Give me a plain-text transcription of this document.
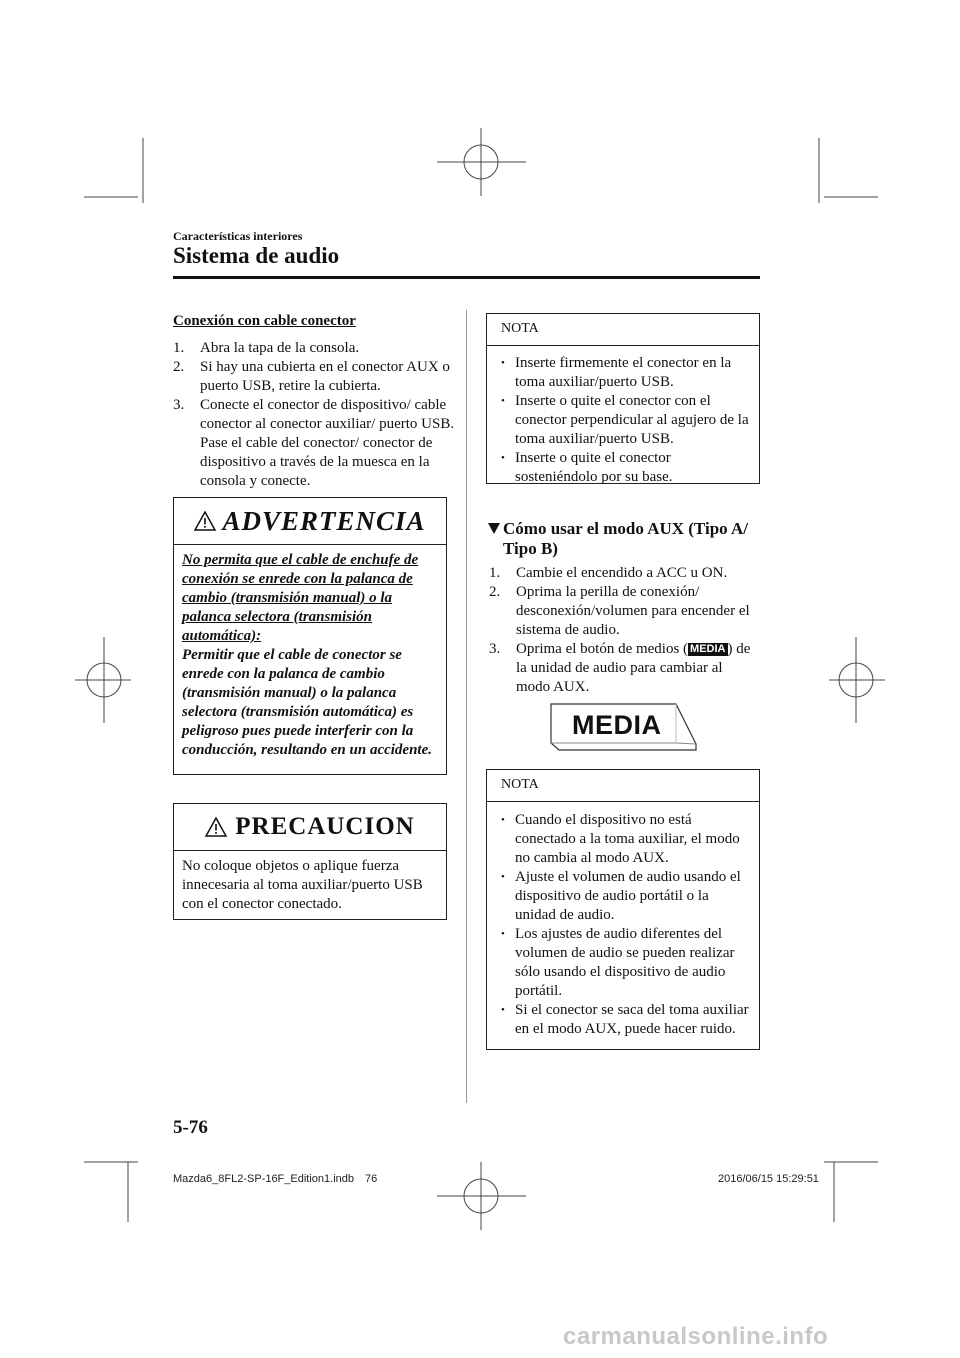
Características interiores
Sistema de audio
Conexión con cable conector
1. Abra la tapa de la consola.
2. Si hay una cubierta en el conector AUX o puerto USB, retire la cubierta.
3. Conecte el conector de dispositivo/ cable conector al conector auxiliar/ puerto USB. Pase el cable del conector/ conector de dispositivo a través de la muesca en la consola y conecte.
ADVERTENCIA
No permita que el cable de enchufe de conexión se enrede con la palanca de cambio (transmisión manual) o la palanca selectora (transmisión automática):
Permitir que el cable de conector se enrede con la palanca de cambio (transmisión manual) o la palanca selectora (transmisión automática) es peligroso pues puede interferir con la conducción, resultando en un accidente.
PRECAUCION
No coloque objetos o aplique fuerza innecesaria al toma auxiliar/puerto USB con el conector conectado.
NOTA
• Inserte firmemente el conector en la toma auxiliar/puerto USB.
• Inserte o quite el conector con el conector perpendicular al agujero de la toma auxiliar/puerto USB.
• Inserte o quite el conector sosteniéndolo por su base.
Cómo usar el modo AUX (Tipo A/
Tipo B)
1. Cambie el encendido a ACC u ON.
2. Oprima la perilla de conexión/ desconexión/volumen para encender el sistema de audio.
3. Oprima el botón de medios ( MEDIA ) de la unidad de audio para cambiar al modo AUX.
MEDIA
NOTA
• Cuando el dispositivo no está conectado a la toma auxiliar, el modo no cambia al modo AUX.
• Ajuste el volumen de audio usando el dispositivo de audio portátil o la unidad de audio.
• Los ajustes de audio diferentes del volumen de audio se pueden realizar sólo usando el dispositivo de audio portátil.
• Si el conector se saca del toma auxiliar en el modo AUX, puede hacer ruido.
5-76
Mazda6_8FL2-SP-16F_Edition1.indb 76	2016/06/15 15:29:51
carmanualsonline.info
